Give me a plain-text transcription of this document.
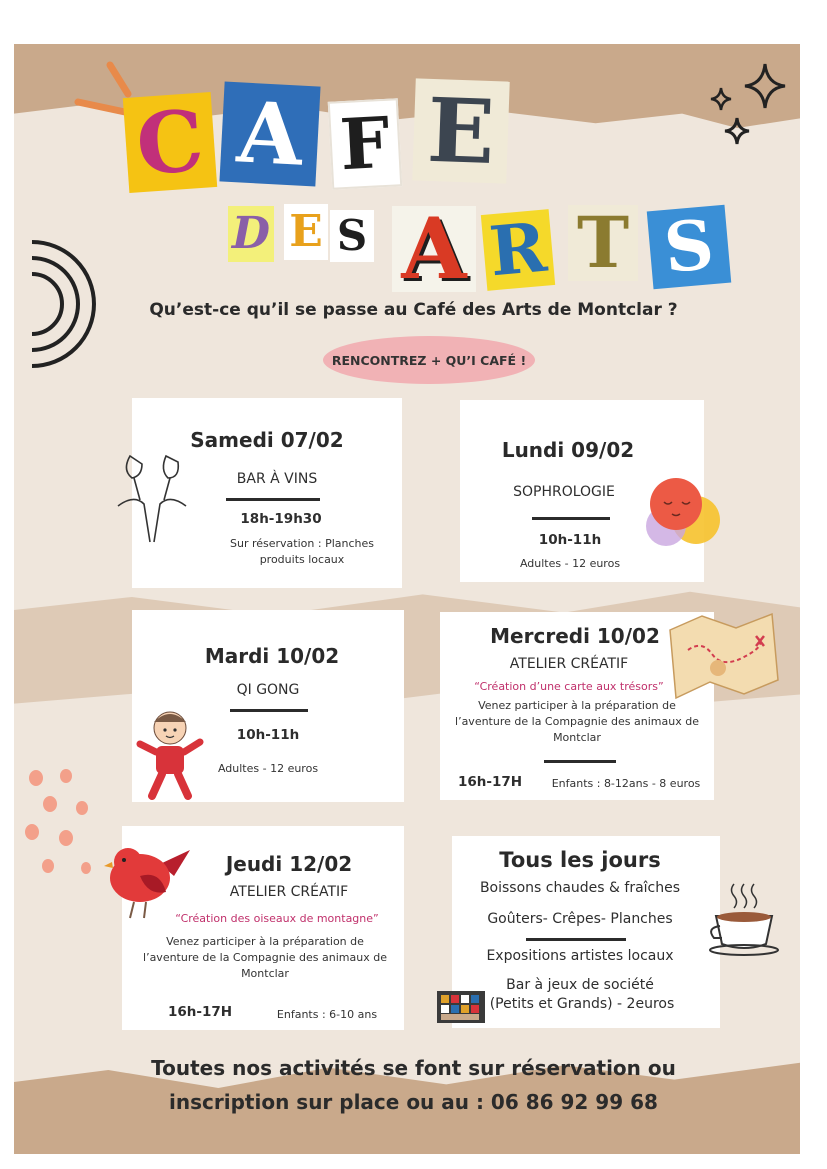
C A F E
D E S A R T S
Qu’est-ce qu’il se passe au Café des Arts de Montclar ?
RENCONTREZ + QU’I CAFÉ !
Samedi 07/02
BAR À VINS
18h-19h30
Sur réservation : Planches
produits locaux
Lundi 09/02
SOPHROLOGIE
10h-11h
Adultes - 12 euros
Mardi 10/02
QI GONG
10h-11h
Adultes - 12 euros
Mercredi 10/02
ATELIER CRÉATIF
“Création d’une carte aux trésors”
Venez participer à la préparation de
l’aventure de la Compagnie des animaux de
Montclar
16h-17H	Enfants : 8-12ans - 8 euros
Jeudi 12/02
ATELIER CRÉATIF
“Création des oiseaux de montagne”
Venez participer à la préparation de
l’aventure de la Compagnie des animaux de
Montclar
16h-17H	Enfants : 6-10 ans
Tous les jours
Boissons chaudes & fraîches
Goûters- Crêpes- Planches
Expositions artistes locaux
Bar à jeux de société
(Petits et Grands) - 2euros
Toutes nos activités se font sur réservation ou
inscription sur place ou au : 06 86 92 99 68
